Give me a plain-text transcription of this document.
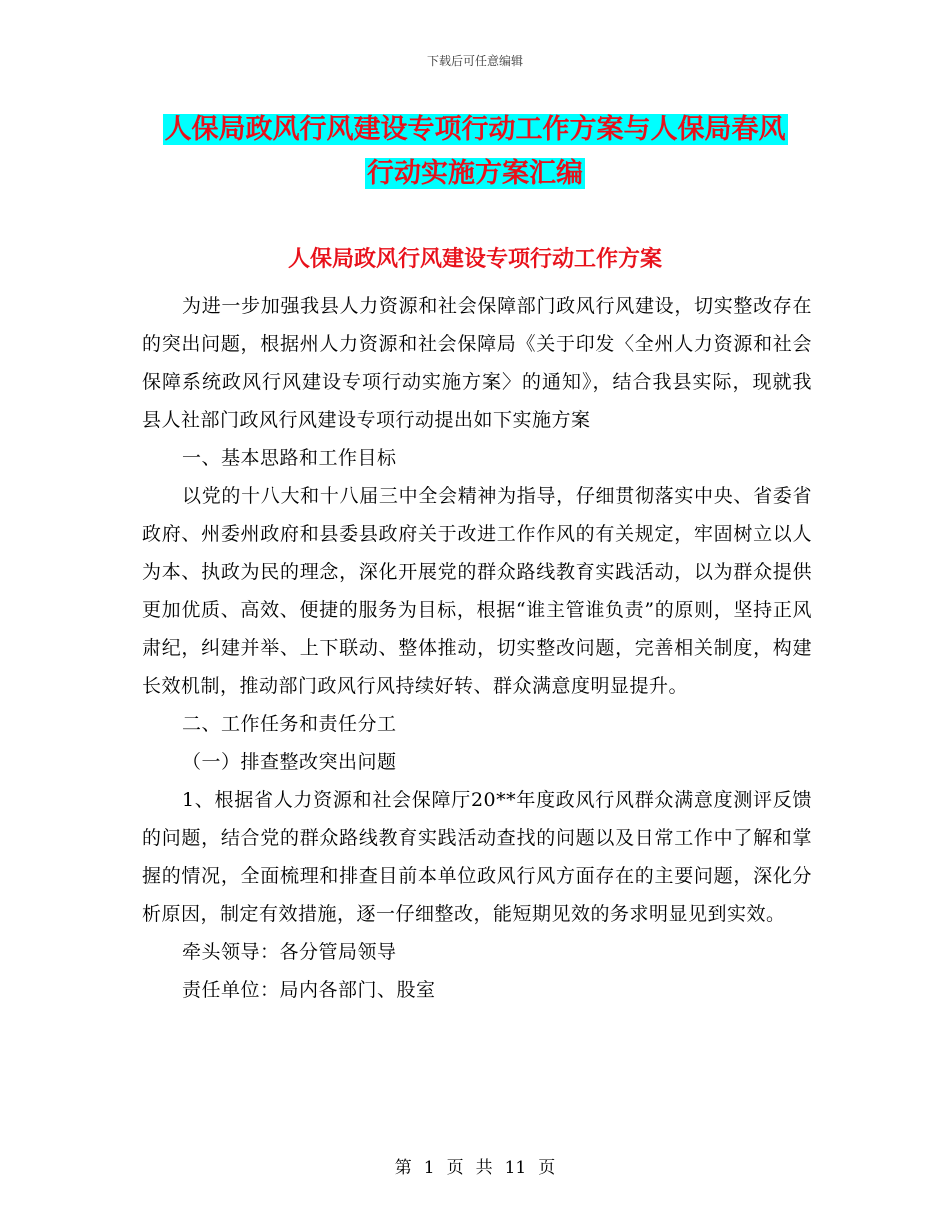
下载后可任意编辑
人保局政风行风建设专项行动工作方案与人保局春风
行动实施方案汇编
人保局政风行风建设专项行动工作方案

为进一步加强我县人力资源和社会保障部门政风行风建设，切实整改存在的突出问题，根据州人力资源和社会保障局《关于印发〈全州人力资源和社会保障系统政风行风建设专项行动实施方案〉的通知》，结合我县实际，现就我县人社部门政风行风建设专项行动提出如下实施方案

一、基本思路和工作目标

以党的十八大和十八届三中全会精神为指导，仔细贯彻落实中央、省委省政府、州委州政府和县委县政府关于改进工作作风的有关规定，牢固树立以人为本、执政为民的理念，深化开展党的群众路线教育实践活动，以为群众提供更加优质、高效、便捷的服务为目标，根据“谁主管谁负责”的原则，坚持正风肃纪，纠建并举、上下联动、整体推动，切实整改问题，完善相关制度，构建长效机制，推动部门政风行风持续好转、群众满意度明显提升。

二、工作任务和责任分工

（一）排查整改突出问题

1、根据省人力资源和社会保障厅20**年度政风行风群众满意度测评反馈的问题，结合党的群众路线教育实践活动查找的问题以及日常工作中了解和掌握的情况，全面梳理和排查目前本单位政风行风方面存在的主要问题，深化分析原因，制定有效措施，逐一仔细整改，能短期见效的务求明显见到实效。

牵头领导：各分管局领导

责任单位：局内各部门、股室

第 1 页 共 11 页
